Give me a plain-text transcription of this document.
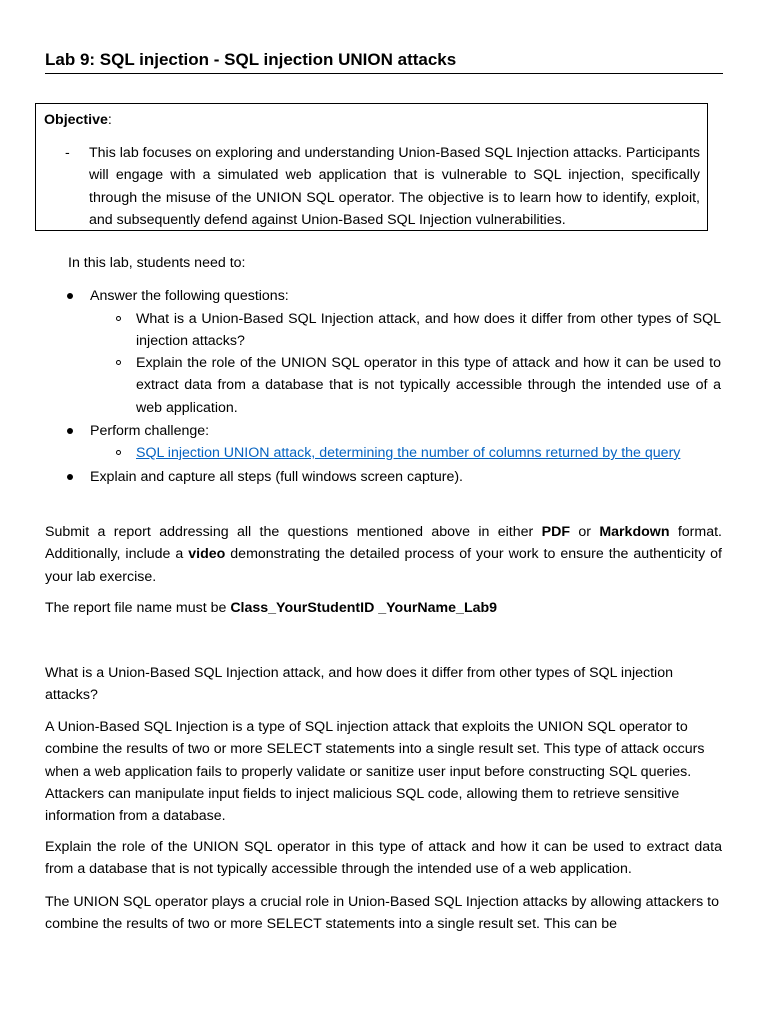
Lab 9: SQL injection - SQL injection UNION attacks
Objective:
- This lab focuses on exploring and understanding Union-Based SQL Injection attacks. Participants will engage with a simulated web application that is vulnerable to SQL injection, specifically through the misuse of the UNION SQL operator. The objective is to learn how to identify, exploit, and subsequently defend against Union-Based SQL Injection vulnerabilities.
In this lab, students need to:
Answer the following questions:
What is a Union-Based SQL Injection attack, and how does it differ from other types of SQL injection attacks?
Explain the role of the UNION SQL operator in this type of attack and how it can be used to extract data from a database that is not typically accessible through the intended use of a web application.
Perform challenge:
SQL injection UNION attack, determining the number of columns returned by the query
Explain and capture all steps (full windows screen capture).
Submit a report addressing all the questions mentioned above in either PDF or Markdown format. Additionally, include a video demonstrating the detailed process of your work to ensure the authenticity of your lab exercise.
The report file name must be Class_YourStudentID _YourName_Lab9
What is a Union-Based SQL Injection attack, and how does it differ from other types of SQL injection attacks?
A Union-Based SQL Injection is a type of SQL injection attack that exploits the UNION SQL operator to combine the results of two or more SELECT statements into a single result set. This type of attack occurs when a web application fails to properly validate or sanitize user input before constructing SQL queries. Attackers can manipulate input fields to inject malicious SQL code, allowing them to retrieve sensitive information from a database.
Explain the role of the UNION SQL operator in this type of attack and how it can be used to extract data from a database that is not typically accessible through the intended use of a web application.
The UNION SQL operator plays a crucial role in Union-Based SQL Injection attacks by allowing attackers to combine the results of two or more SELECT statements into a single result set. This can be
